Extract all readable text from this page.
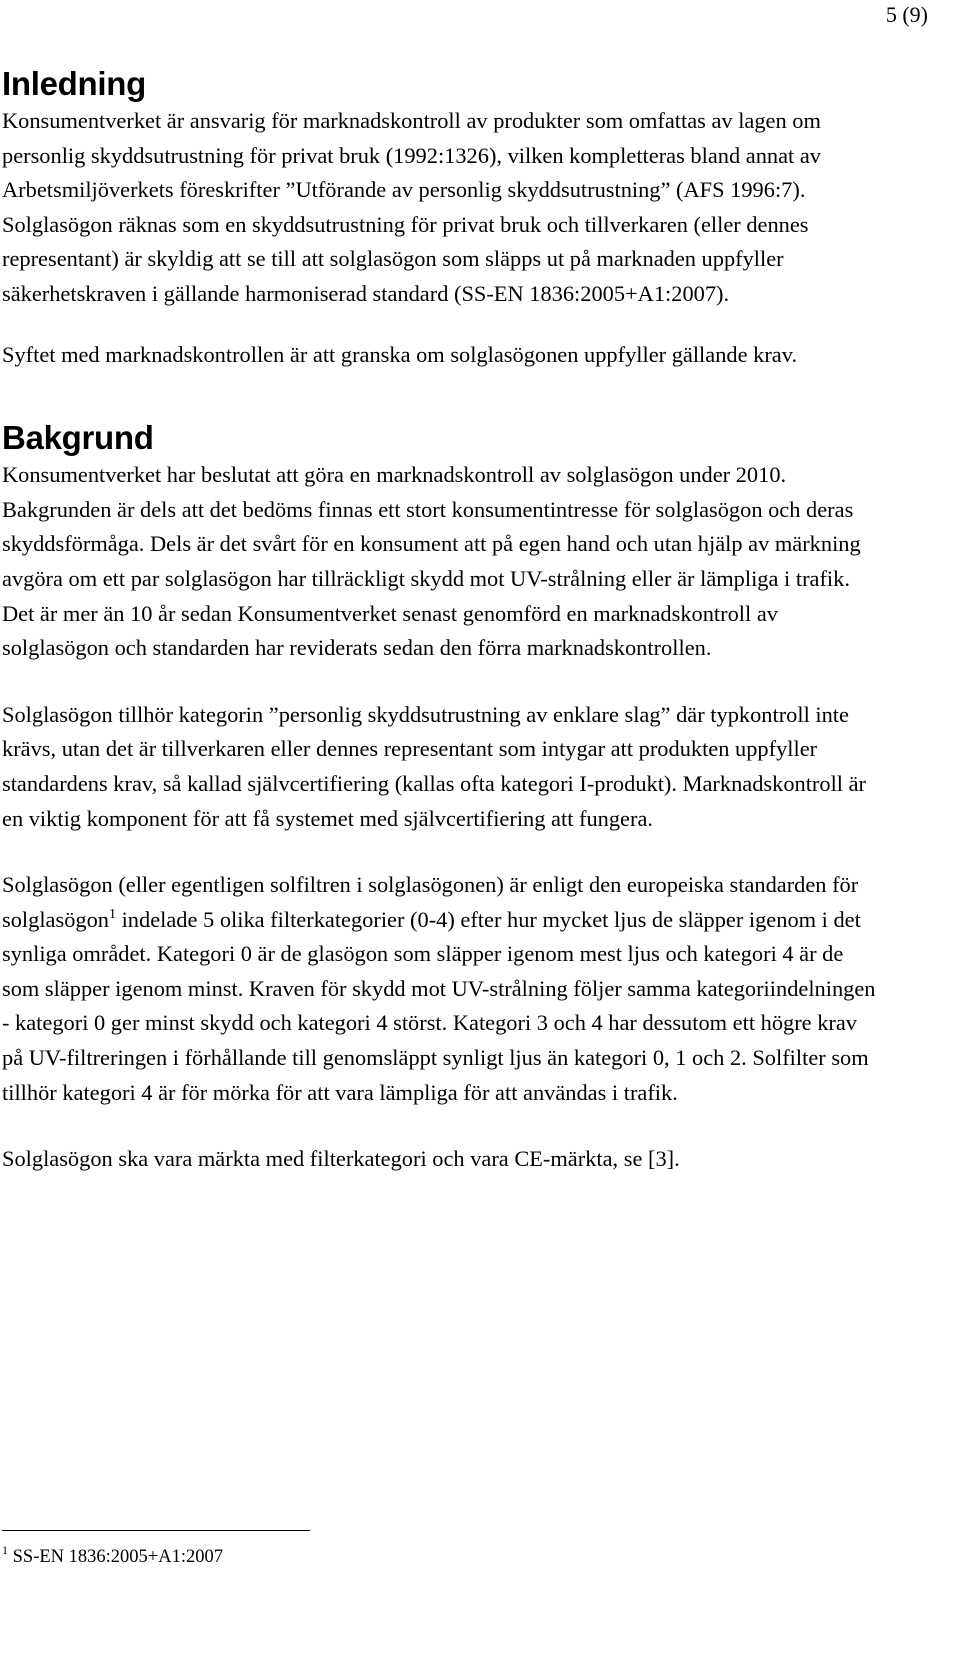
5 (9)
Inledning

Konsumentverket är ansvarig för marknadskontroll av produkter som omfattas av lagen om personlig skyddsutrustning för privat bruk (1992:1326), vilken kompletteras bland annat av Arbetsmiljöverkets föreskrifter ”Utförande av personlig skyddsutrustning” (AFS 1996:7). Solglasögon räknas som en skyddsutrustning för privat bruk och tillverkaren (eller dennes representant) är skyldig att se till att solglasögon som släpps ut på marknaden uppfyller säkerhetskraven i gällande harmoniserad standard (SS-EN 1836:2005+A1:2007).

Syftet med marknadskontrollen är att granska om solglasögonen uppfyller gällande krav.

Bakgrund

Konsumentverket har beslutat att göra en marknadskontroll av solglasögon under 2010. Bakgrunden är dels att det bedöms finnas ett stort konsumentintresse för solglasögon och deras skyddsförmåga. Dels är det svårt för en konsument att på egen hand och utan hjälp av märkning avgöra om ett par solglasögon har tillräckligt skydd mot UV-strålning eller är lämpliga i trafik. Det är mer än 10 år sedan Konsumentverket senast genomförd en marknadskontroll av solglasögon och standarden har reviderats sedan den förra marknadskontrollen.

Solglasögon tillhör kategorin ”personlig skyddsutrustning av enklare slag” där typkontroll inte krävs, utan det är tillverkaren eller dennes representant som intygar att produkten uppfyller standardens krav, så kallad självcertifiering (kallas ofta kategori I-produkt). Marknadskontroll är en viktig komponent för att få systemet med självcertifiering att fungera.

Solglasögon (eller egentligen solfiltren i solglasögonen) är enligt den europeiska standarden för solglasögon$^1$ indelade 5 olika filterkategorier (0-4) efter hur mycket ljus de släpper igenom i det synliga området. Kategori 0 är de glasögon som släpper igenom mest ljus och kategori 4 är de som släpper igenom minst. Kraven för skydd mot UV-strålning följer samma kategoriindelningen - kategori 0 ger minst skydd och kategori 4 störst. Kategori 3 och 4 har dessutom ett högre krav på UV-filtreringen i förhållande till genomsläppt synligt ljus än kategori 0, 1 och 2. Solfilter som tillhör kategori 4 är för mörka för att vara lämpliga för att användas i trafik.

Solglasögon ska vara märkta med filterkategori och vara CE-märkta, se [3].

$^1$ SS-EN 1836:2005+A1:2007
